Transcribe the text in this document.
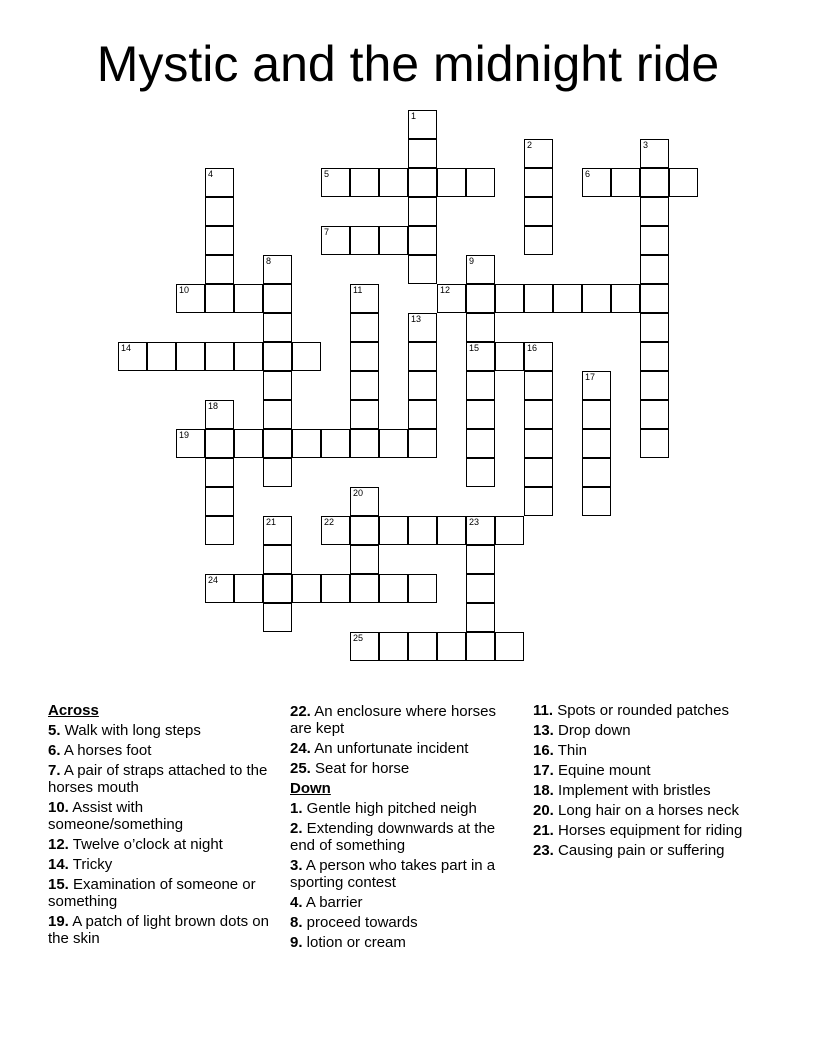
Mystic and the midnight ride
1
2	3
4	5	6
7
8	9
15
10	11	12
13
14	16
17
18
19
20
21	22	23
24
25
Across
5. Walk with long steps
6. A horses foot
7. A pair of straps attached to the horses mouth
10. Assist with someone/something
12. Twelve o’clock at night
14. Tricky
15. Examination of someone or something
19. A patch of light brown dots on the skin
22. An enclosure where horses are kept
24. An unfortunate incident
25. Seat for horse
Down
1. Gentle high pitched neigh
2. Extending downwards at the end of something
3. A person who takes part in a sporting contest
4. A barrier
8. proceed towards
9. lotion or cream
11. Spots or rounded patches
13. Drop down
16. Thin
17. Equine mount
18. Implement with bristles
20. Long hair on a horses neck
21. Horses equipment for riding
23. Causing pain or suffering
